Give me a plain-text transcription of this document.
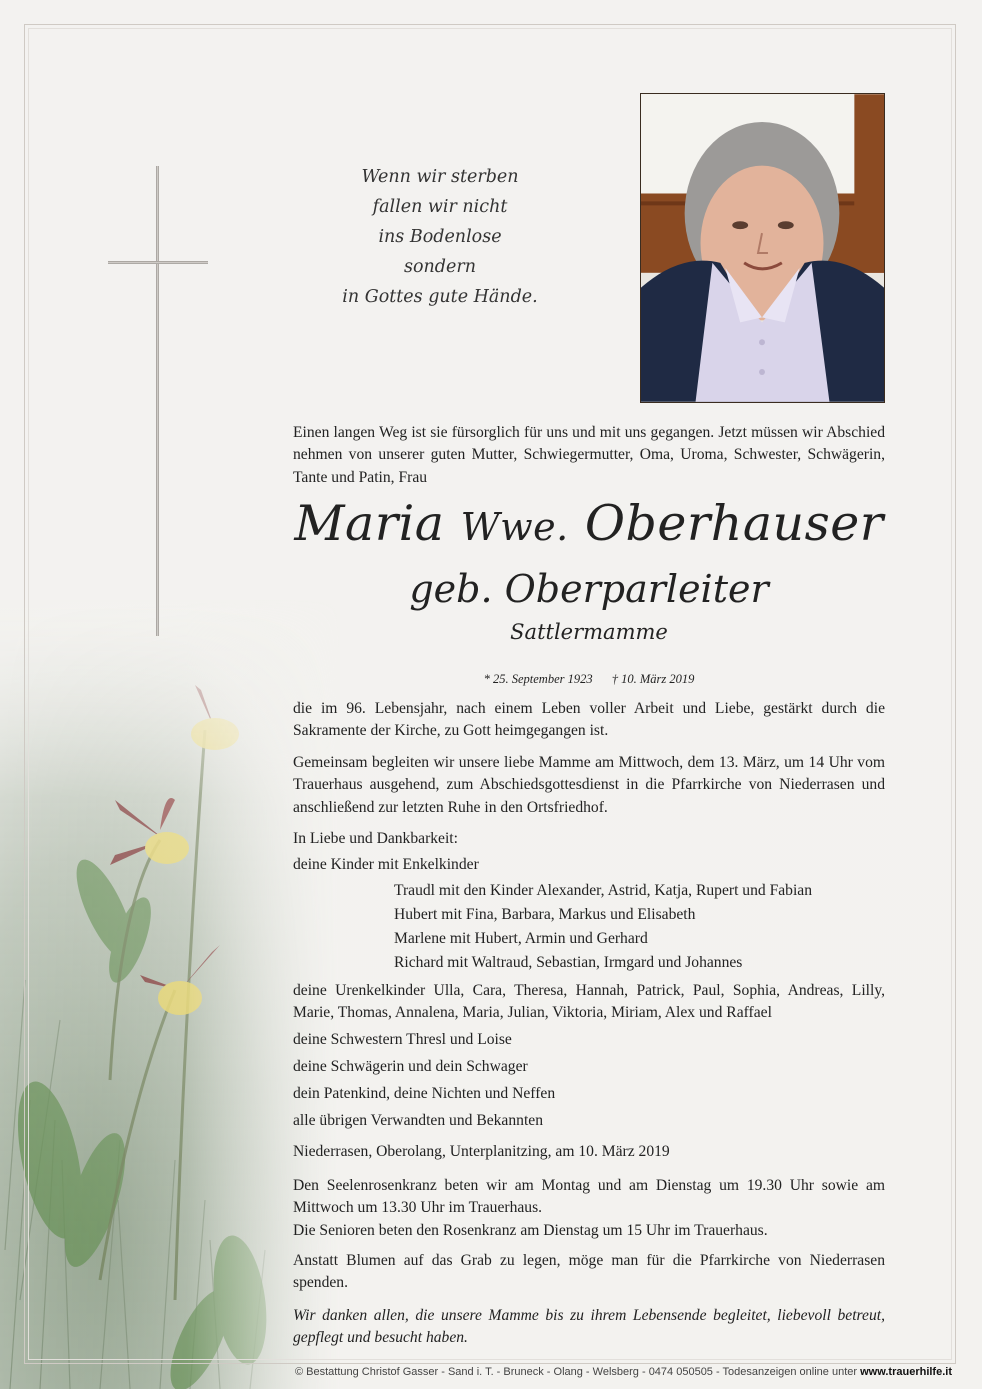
Wenn wir sterben
fallen wir nicht
ins Bodenlose
sondern
in Gottes gute Hände.

Einen langen Weg ist sie fürsorglich für uns und mit uns gegangen. Jetzt müssen wir Abschied nehmen von unserer guten Mutter, Schwiegermutter, Oma, Uroma, Schwester, Schwägerin, Tante und Patin, Frau

Maria Wwe. Oberhauser
geb. Oberparleiter
Sattlermamme
* 25. September 1923 † 10. März 2019

die im 96. Lebensjahr, nach einem Leben voller Arbeit und Liebe, gestärkt durch die Sakramente der Kirche, zu Gott heimgegangen ist.

Gemeinsam begleiten wir unsere liebe Mamme am Mittwoch, dem 13. März, um 14 Uhr vom Trauerhaus ausgehend, zum Abschiedsgottesdienst in die Pfarrkirche von Niederrasen und anschließend zur letzten Ruhe in den Ortsfriedhof.

In Liebe und Dankbarkeit:
deine Kinder mit Enkelkinder
Traudl mit den Kinder Alexander, Astrid, Katja, Rupert und Fabian
Hubert mit Fina, Barbara, Markus und Elisabeth
Marlene mit Hubert, Armin und Gerhard
Richard mit Waltraud, Sebastian, Irmgard und Johannes

deine Urenkelkinder Ulla, Cara, Theresa, Hannah, Patrick, Paul, Sophia, Andreas, Lilly, Marie, Thomas, Annalena, Maria, Julian, Viktoria, Miriam, Alex und Raffael

deine Schwestern Thresl und Loise
deine Schwägerin und dein Schwager
dein Patenkind, deine Nichten und Neffen
alle übrigen Verwandten und Bekannten
Niederrasen, Oberolang, Unterplanitzing, am 10. März 2019

Den Seelenrosenkranz beten wir am Montag und am Dienstag um 19.30 Uhr sowie am Mittwoch um 13.30 Uhr im Trauerhaus.

Die Senioren beten den Rosenkranz am Dienstag um 15 Uhr im Trauerhaus.

Anstatt Blumen auf das Grab zu legen, möge man für die Pfarrkirche von Niederrasen spenden.

Wir danken allen, die unsere Mamme bis zu ihrem Lebensende begleitet, liebevoll betreut, gepflegt und besucht haben.

© Bestattung Christof Gasser - Sand i. T. - Bruneck - Olang - Welsberg - 0474 050505 - Todesanzeigen online unter www.trauerhilfe.it
